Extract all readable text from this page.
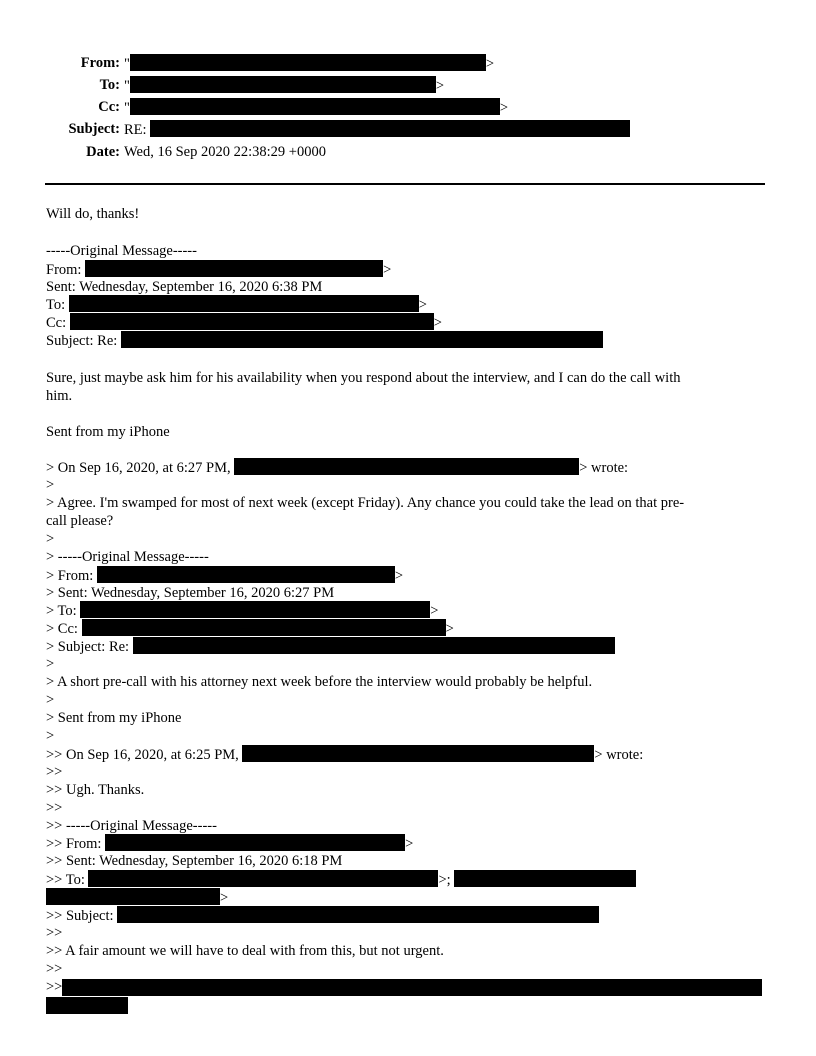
From: "	>
To: "	>
Cc: "	>
Subject: RE:
Date: Wed, 16 Sep 2020 22:38:29 +0000
Will do, thanks!
-----Original Message-----
From:	>
Sent: Wednesday, September 16, 2020 6:38 PM
To:	>
Cc:	>
Subject: Re:
Sure, just maybe ask him for his availability when you respond about the interview, and I can do the call with
him.
Sent from my iPhone
> On Sep 16, 2020, at 6:27 PM,	> wrote:
>
> Agree. I'm swamped for most of next week (except Friday). Any chance you could take the lead on that pre-
call please?
>
> -----Original Message-----
> From:	>
> Sent: Wednesday, September 16, 2020 6:27 PM
> To:	>
> Cc:	>
> Subject: Re:
>
> A short pre-call with his attorney next week before the interview would probably be helpful.
>
> Sent from my iPhone
>
>> On Sep 16, 2020, at 6:25 PM,	> wrote:
>>
>> Ugh. Thanks.
>>
>> -----Original Message-----
>> From:	>
>> Sent: Wednesday, September 16, 2020 6:18 PM
>> To:	>;
>
>> Subject:
>>
>> A fair amount we will have to deal with from this, but not urgent.
>>
>>
